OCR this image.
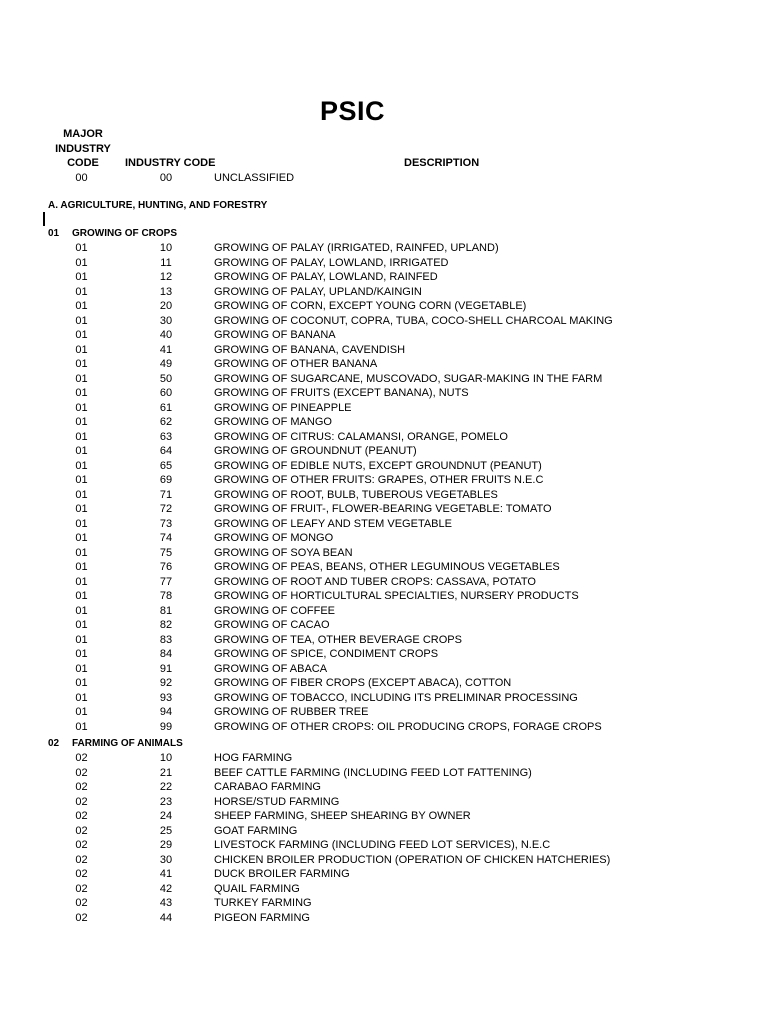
PSIC
MAJOR
INDUSTRY
CODE	INDUSTRY CODE	DESCRIPTION
00	00	UNCLASSIFIED
A. AGRICULTURE, HUNTING, AND FORESTRY
01 GROWING OF CROPS
01	10	GROWING OF PALAY (IRRIGATED, RAINFED, UPLAND)
01	11	GROWING OF PALAY, LOWLAND, IRRIGATED
01	12	GROWING OF PALAY, LOWLAND, RAINFED
01	13	GROWING OF PALAY, UPLAND/KAINGIN
01	20	GROWING OF CORN, EXCEPT YOUNG CORN (VEGETABLE)
01	30	GROWING OF COCONUT, COPRA, TUBA, COCO-SHELL CHARCOAL MAKING
01	40	GROWING OF BANANA
01	41	GROWING OF BANANA, CAVENDISH
01	49	GROWING OF OTHER BANANA
01	50	GROWING OF SUGARCANE, MUSCOVADO, SUGAR-MAKING IN THE FARM
01	60	GROWING OF FRUITS (EXCEPT BANANA), NUTS
01	61	GROWING OF PINEAPPLE
01	62	GROWING OF MANGO
01	63	GROWING OF CITRUS: CALAMANSI, ORANGE, POMELO
01	64	GROWING OF GROUNDNUT (PEANUT)
01	65	GROWING OF EDIBLE NUTS, EXCEPT GROUNDNUT (PEANUT)
01	69	GROWING OF OTHER FRUITS: GRAPES, OTHER FRUITS N.E.C
01	71	GROWING OF ROOT, BULB, TUBEROUS VEGETABLES
01	72	GROWING OF FRUIT-, FLOWER-BEARING VEGETABLE: TOMATO
01	73	GROWING OF LEAFY AND STEM VEGETABLE
01	74	GROWING OF MONGO
01	75	GROWING OF SOYA BEAN
01	76	GROWING OF PEAS, BEANS, OTHER LEGUMINOUS VEGETABLES
01	77	GROWING OF ROOT AND TUBER CROPS: CASSAVA, POTATO
01	78	GROWING OF HORTICULTURAL SPECIALTIES, NURSERY PRODUCTS
01	81	GROWING OF COFFEE
01	82	GROWING OF CACAO
01	83	GROWING OF TEA, OTHER BEVERAGE CROPS
01	84	GROWING OF SPICE, CONDIMENT CROPS
01	91	GROWING OF ABACA
01	92	GROWING OF FIBER CROPS (EXCEPT ABACA), COTTON
01	93	GROWING OF TOBACCO, INCLUDING ITS PRELIMINAR PROCESSING
01	94	GROWING OF RUBBER TREE
01	99	GROWING OF OTHER CROPS: OIL PRODUCING CROPS, FORAGE CROPS
02 FARMING OF ANIMALS
02	10	HOG FARMING
02	21	BEEF CATTLE FARMING (INCLUDING FEED LOT FATTENING)
02	22	CARABAO FARMING
02	23	HORSE/STUD FARMING
02	24	SHEEP FARMING, SHEEP SHEARING BY OWNER
02	25	GOAT FARMING
02	29	LIVESTOCK FARMING (INCLUDING FEED LOT SERVICES), N.E.C
02	30	CHICKEN BROILER PRODUCTION (OPERATION OF CHICKEN HATCHERIES)
02	41	DUCK BROILER FARMING
02	42	QUAIL FARMING
02	43	TURKEY FARMING
02	44	PIGEON FARMING
